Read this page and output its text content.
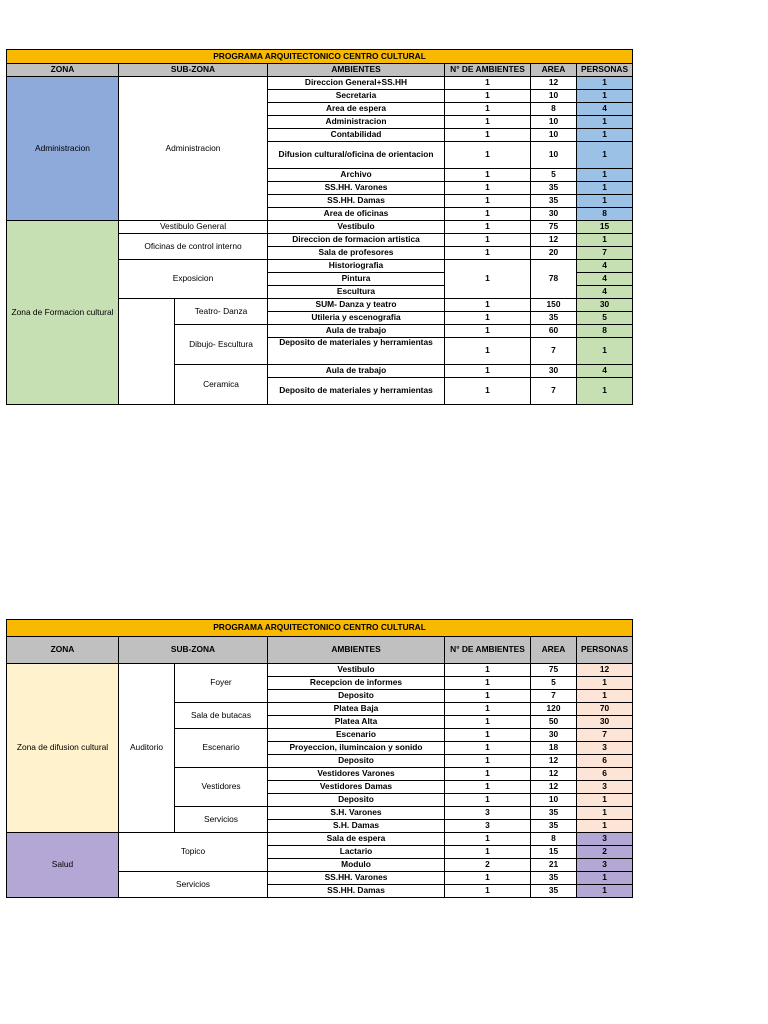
PROGRAMA ARQUITECTONICO CENTRO CULTURAL						
ZONA	SUB-ZONA		AMBIENTES	N° DE AMBIENTES	AREA	PERSONAS
Administracion	Administracion		Direccion General+SS.HH	1	12	1
			Secretaria	1	10	1
			Area de espera	1	8	4
			Administracion	1	10	1
			Contabilidad	1	10	1
			Difusion cultural/oficina de orientacion	1	10	1
			Archivo	1	5	1
			SS.HH. Varones	1	35	1
			SS.HH. Damas	1	35	1
			Area de oficinas	1	30	8
Zona de Formacion cultural	Vestibulo General		Vestibulo	1	75	15
	Oficinas de control interno		Direccion de formacion artistica	1	12	1
			Sala de profesores	1	20	7
	Exposicion		Historiografia	1	78	4
			Pintura			4
			Escultura			4
		Teatro- Danza	SUM- Danza y teatro	1	150	30
			Utileria y escenografia	1	35	5
		Dibujo- Escultura	Aula de trabajo	1	60	8
			Deposito de materiales y herramientas	1	7	1
		Ceramica	Aula de trabajo	1	30	4
			Deposito de materiales y herramientas	1	7	1
PROGRAMA ARQUITECTONICO CENTRO CULTURAL						
ZONA	SUB-ZONA		AMBIENTES	N° DE AMBIENTES	AREA	PERSONAS
Zona de difusion cultural	Auditorio	Foyer	Vestibulo	1	75	12
			Recepcion de informes	1	5	1
			Deposito	1	7	1
		Sala de butacas	Platea Baja	1	120	70
			Platea Alta	1	50	30
		Escenario	Escenario	1	30	7
			Proyeccion, ilumincaion y sonido	1	18	3
			Deposito	1	12	6
		Vestidores	Vestidores Varones	1	12	6
			Vestidores Damas	1	12	3
			Deposito	1	10	1
		Servicios	S.H. Varones	3	35	1
			S.H. Damas	3	35	1
Salud	Topico		Sala de espera	1	8	3
			Lactario	1	15	2
			Modulo	2	21	3
	Servicios		SS.HH. Varones	1	35	1
			SS.HH. Damas	1	35	1
